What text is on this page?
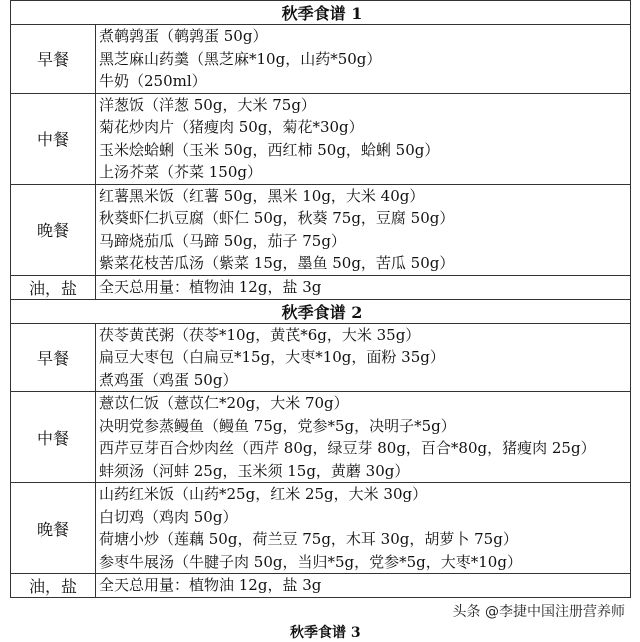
秋季食谱 1	
早餐	煮鹌鹑蛋（鹌鹑蛋 50g）
黑芝麻山药羹（黑芝麻*10g，山药*50g）
牛奶（250ml）

中餐	洋葱饭（洋葱 50g，大米 75g）
菊花炒肉片（猪瘦肉 50g，菊花*30g）
玉米烩蛤蜊（玉米 50g，西红柿 50g，蛤蜊 50g）
上汤芥菜（芥菜 150g）

晚餐	红薯黑米饭（红薯 50g，黑米 10g，大米 40g）
秋葵虾仁扒豆腐（虾仁 50g，秋葵 75g，豆腐 50g）
马蹄烧茄瓜（马蹄 50g，茄子 75g）
紫菜花枝苦瓜汤（紫菜 15g，墨鱼 50g，苦瓜 50g）

油，盐	全天总用量：植物油 12g，盐 3g

秋季食谱 2	
早餐	茯苓黄芪粥（茯苓*10g，黄芪*6g，大米 35g）
扁豆大枣包（白扁豆*15g，大枣*10g，面粉 35g）
煮鸡蛋（鸡蛋 50g）

中餐	薏苡仁饭（薏苡仁*20g，大米 70g）
决明党参蒸鳗鱼（鳗鱼 75g，党参*5g，决明子*5g）
西芹豆芽百合炒肉丝（西芹 80g，绿豆芽 80g，百合*80g，猪瘦肉 25g）
蚌须汤（河蚌 25g，玉米须 15g，黄蘑 30g）

晚餐	山药红米饭（山药*25g，红米 25g，大米 30g）
白切鸡（鸡肉 50g）
荷塘小炒（莲藕 50g，荷兰豆 75g，木耳 30g，胡萝卜 75g）
参枣牛展汤（牛腱子肉 50g，当归*5g，党参*5g，大枣*10g）

油，盐	全天总用量：植物油 12g，盐 3g
秋季食谱 3
头条 @李捷中国注册营养师
